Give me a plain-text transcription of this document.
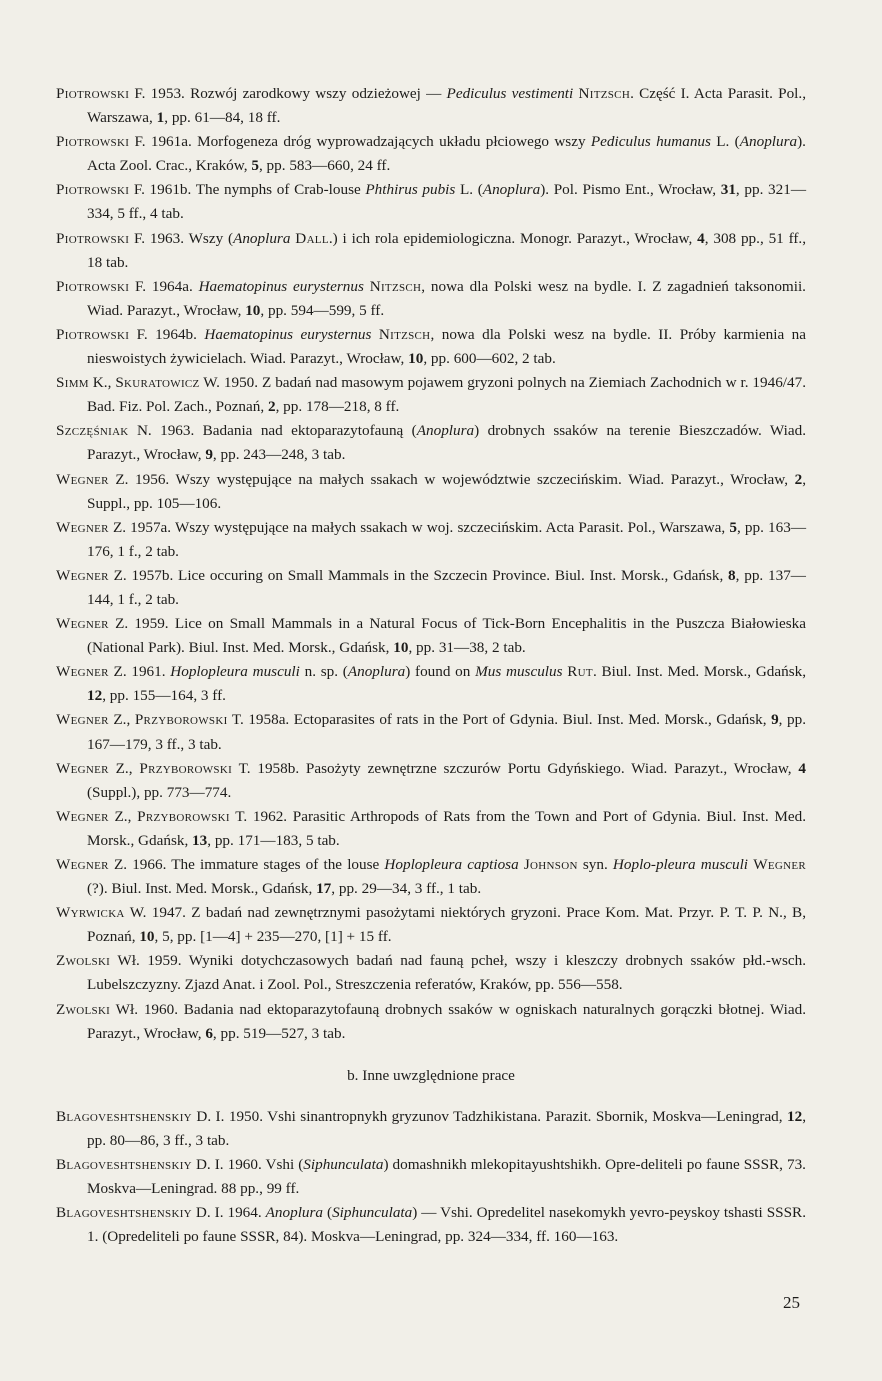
Piotrowski F. 1953. Rozwój zarodkowy wszy odzieżowej — Pediculus vestimenti Nitzsch. Część I. Acta Parasit. Pol., Warszawa, 1, pp. 61—84, 18 ff.

Piotrowski F. 1961a. Morfogeneza dróg wyprowadzających układu płciowego wszy Pediculus humanus L. (Anoplura). Acta Zool. Crac., Kraków, 5, pp. 583—660, 24 ff.

Piotrowski F. 1961b. The nymphs of Crab-louse Phthirus pubis L. (Anoplura). Pol. Pismo Ent., Wrocław, 31, pp. 321—334, 5 ff., 4 tab.

Piotrowski F. 1963. Wszy (Anoplura Dall.) i ich rola epidemiologiczna. Monogr. Parazyt., Wrocław, 4, 308 pp., 51 ff., 18 tab.

Piotrowski F. 1964a. Haematopinus eurysternus Nitzsch, nowa dla Polski wesz na bydle. I. Z zagadnień taksonomii. Wiad. Parazyt., Wrocław, 10, pp. 594—599, 5 ff.

Piotrowski F. 1964b. Haematopinus eurysternus Nitzsch, nowa dla Polski wesz na bydle. II. Próby karmienia na nieswoistych żywicielach. Wiad. Parazyt., Wrocław, 10, pp. 600—602, 2 tab.

Simm K., Skuratowicz W. 1950. Z badań nad masowym pojawem gryzoni polnych na Ziemiach Zachodnich w r. 1946/47. Bad. Fiz. Pol. Zach., Poznań, 2, pp. 178—218, 8 ff.

Szczęśniak N. 1963. Badania nad ektoparazytofauną (Anoplura) drobnych ssaków na terenie Bieszczadów. Wiad. Parazyt., Wrocław, 9, pp. 243—248, 3 tab.

Wegner Z. 1956. Wszy występujące na małych ssakach w województwie szczecińskim. Wiad. Parazyt., Wrocław, 2, Suppl., pp. 105—106.

Wegner Z. 1957a. Wszy występujące na małych ssakach w woj. szczecińskim. Acta Parasit. Pol., Warszawa, 5, pp. 163—176, 1 f., 2 tab.

Wegner Z. 1957b. Lice occuring on Small Mammals in the Szczecin Province. Biul. Inst. Morsk., Gdańsk, 8, pp. 137—144, 1 f., 2 tab.

Wegner Z. 1959. Lice on Small Mammals in a Natural Focus of Tick-Born Encephalitis in the Puszcza Białowieska (National Park). Biul. Inst. Med. Morsk., Gdańsk, 10, pp. 31—38, 2 tab.

Wegner Z. 1961. Hoplopleura musculi n. sp. (Anoplura) found on Mus musculus Rut. Biul. Inst. Med. Morsk., Gdańsk, 12, pp. 155—164, 3 ff.

Wegner Z., Przyborowski T. 1958a. Ectoparasites of rats in the Port of Gdynia. Biul. Inst. Med. Morsk., Gdańsk, 9, pp. 167—179, 3 ff., 3 tab.

Wegner Z., Przyborowski T. 1958b. Pasożyty zewnętrzne szczurów Portu Gdyńskiego. Wiad. Parazyt., Wrocław, 4 (Suppl.), pp. 773—774.

Wegner Z., Przyborowski T. 1962. Parasitic Arthropods of Rats from the Town and Port of Gdynia. Biul. Inst. Med. Morsk., Gdańsk, 13, pp. 171—183, 5 tab.

Wegner Z. 1966. The immature stages of the louse Hoplopleura captiosa Johnson syn. Hoplo-pleura musculi Wegner (?). Biul. Inst. Med. Morsk., Gdańsk, 17, pp. 29—34, 3 ff., 1 tab.

Wyrwicka W. 1947. Z badań nad zewnętrznymi pasożytami niektórych gryzoni. Prace Kom. Mat. Przyr. P. T. P. N., B, Poznań, 10, 5, pp. [1—4] + 235—270, [1] + 15 ff.

Zwolski Wł. 1959. Wyniki dotychczasowych badań nad fauną pcheł, wszy i kleszczy drobnych ssaków płd.-wsch. Lubelszczyzny. Zjazd Anat. i Zool. Pol., Streszczenia referatów, Kraków, pp. 556—558.

Zwolski Wł. 1960. Badania nad ektoparazytofauną drobnych ssaków w ogniskach naturalnych gorączki błotnej. Wiad. Parazyt., Wrocław, 6, pp. 519—527, 3 tab.

b. Inne uwzględnione prace

Blagoveshtshenskiy D. I. 1950. Vshi sinantropnykh gryzunov Tadzhikistana. Parazit. Sbornik, Moskva—Leningrad, 12, pp. 80—86, 3 ff., 3 tab.

Blagoveshtshenskiy D. I. 1960. Vshi (Siphunculata) domashnikh mlekopitayushtshikh. Opre-deliteli po faune SSSR, 73. Moskva—Leningrad. 88 pp., 99 ff.

Blagoveshtshenskiy D. I. 1964. Anoplura (Siphunculata) — Vshi. Opredelitel nasekomykh yevro-peyskoy tshasti SSSR. 1. (Opredeliteli po faune SSSR, 84). Moskva—Leningrad, pp. 324—334, ff. 160—163.

25
